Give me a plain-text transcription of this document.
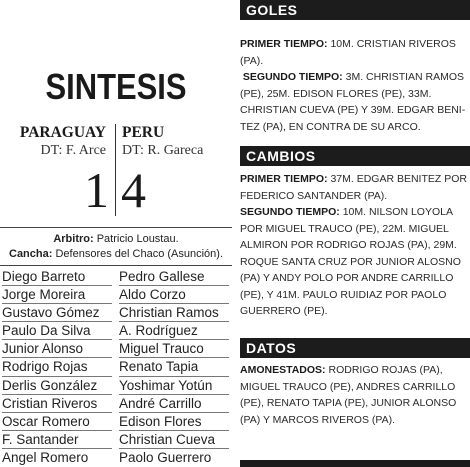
SINTESIS
PARAGUAY
DT: F. Arce
PERU
DT: R. Gareca
1 4
Arbitro: Patricio Loustau.
Cancha: Defensores del Chaco (Asunción).
Diego Barreto
Jorge Moreira
Gustavo Gómez
Paulo Da Silva
Junior Alonso
Rodrigo Rojas
Derlis González
Cristian Riveros
Oscar Romero
F. Santander
Angel Romero
Pedro Gallese
Aldo Corzo
Christian Ramos
A. Rodríguez
Miguel Trauco
Renato Tapia
Yoshimar Yotún
André Carrillo
Edison Flores
Christian Cueva
Paolo Guerrero
GOLES
PRIMER TIEMPO: 10M. CRISTIAN RIVEROS (PA).
SEGUNDO TIEMPO: 3M. CHRISTIAN RAMOS (PE), 25M. EDISON FLORES (PE), 33M. CHRISTIAN CUEVA (PE) Y 39M. EDGAR BENI-TEZ (PA), EN CONTRA DE SU ARCO.
CAMBIOS
PRIMER TIEMPO: 37M. EDGAR BENITEZ POR FEDERICO SANTANDER (PA).
SEGUNDO TIEMPO: 10M. NILSON LOYOLA POR MIGUEL TRAUCO (PE), 22M. MIGUEL ALMIRON POR RODRIGO ROJAS (PA), 29M. ROQUE SANTA CRUZ POR JUNIOR ALOSNO (PA) Y ANDY POLO POR ANDRE CARRILLO (PE), Y 41M. PAULO RUIDIAZ POR PAOLO GUERRERO (PE).
DATOS
AMONESTADOS: RODRIGO ROJAS (PA), MIGUEL TRAUCO (PE), ANDRES CARRILLO (PE), RENATO TAPIA (PE), JUNIOR ALONSO (PA) Y MARCOS RIVEROS (PA).
